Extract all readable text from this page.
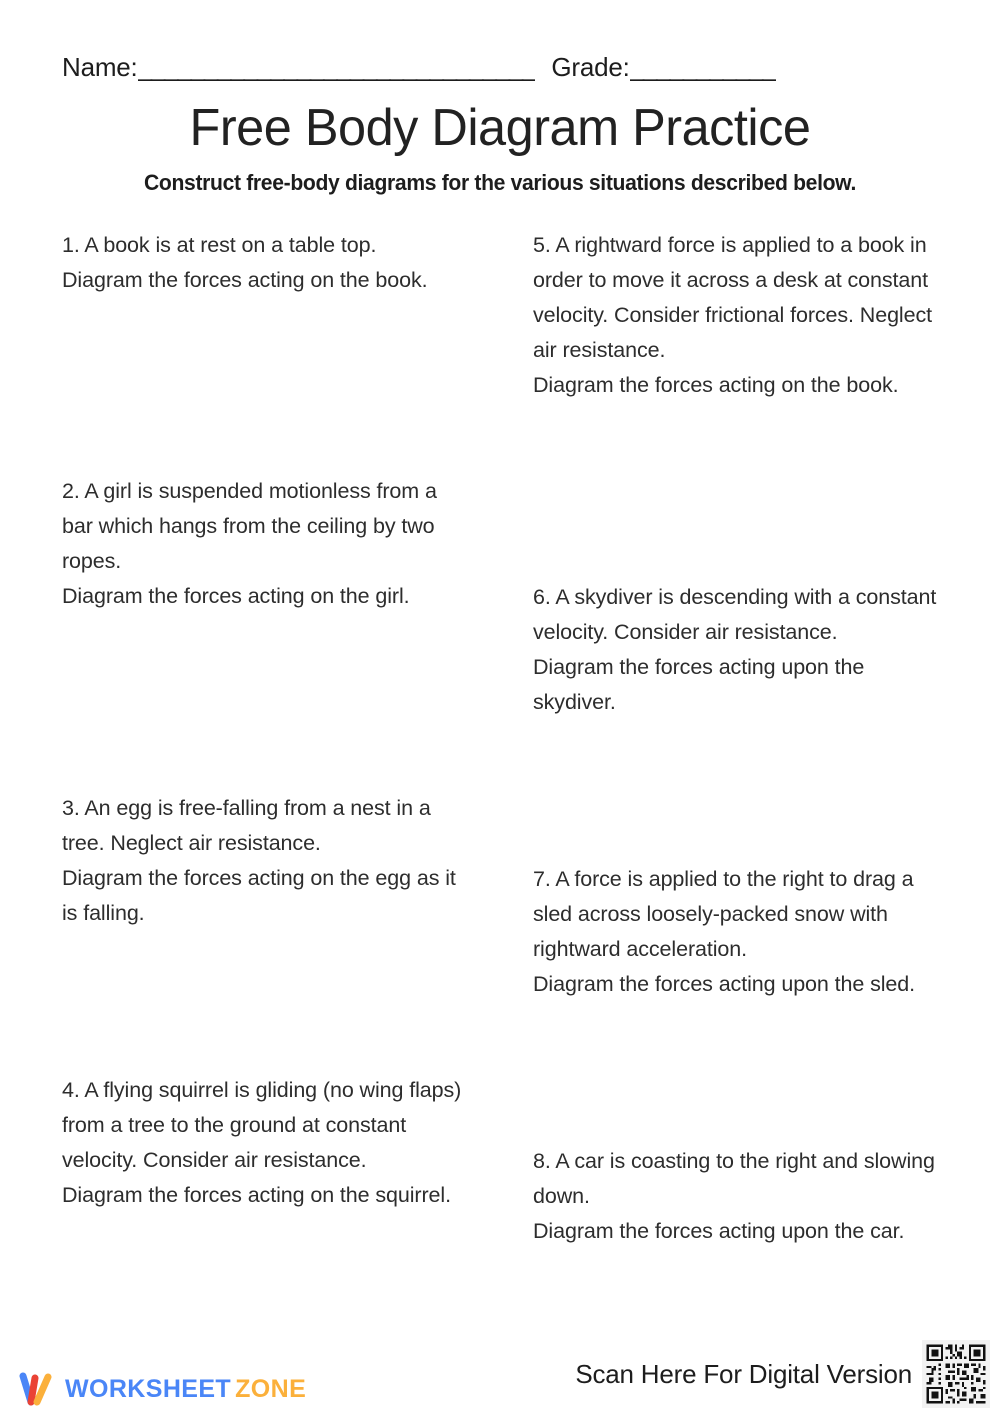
Name: ______________________________ Grade: ___________
Free Body Diagram Practice
Construct free-body diagrams for the various situations described below.
1. A book is at rest on a table top.
Diagram the forces acting on the book.
2. A girl is suspended motionless from a bar which hangs from the ceiling by two ropes.
Diagram the forces acting on the girl.
3. An egg is free-falling from a nest in a tree. Neglect air resistance.
Diagram the forces acting on the egg as it is falling.
4. A flying squirrel is gliding (no wing flaps) from a tree to the ground at constant velocity. Consider air resistance.
Diagram the forces acting on the squirrel.
5. A rightward force is applied to a book in order to move it across a desk at constant velocity. Consider frictional forces. Neglect air resistance.
Diagram the forces acting on the book.
6. A skydiver is descending with a constant velocity. Consider air resistance.
Diagram the forces acting upon the skydiver.
7. A force is applied to the right to drag a sled across loosely-packed snow with rightward acceleration.
Diagram the forces acting upon the sled.
8. A car is coasting to the right and slowing down.
Diagram the forces acting upon the car.
WORKSHEET ZONE	Scan Here For Digital Version
